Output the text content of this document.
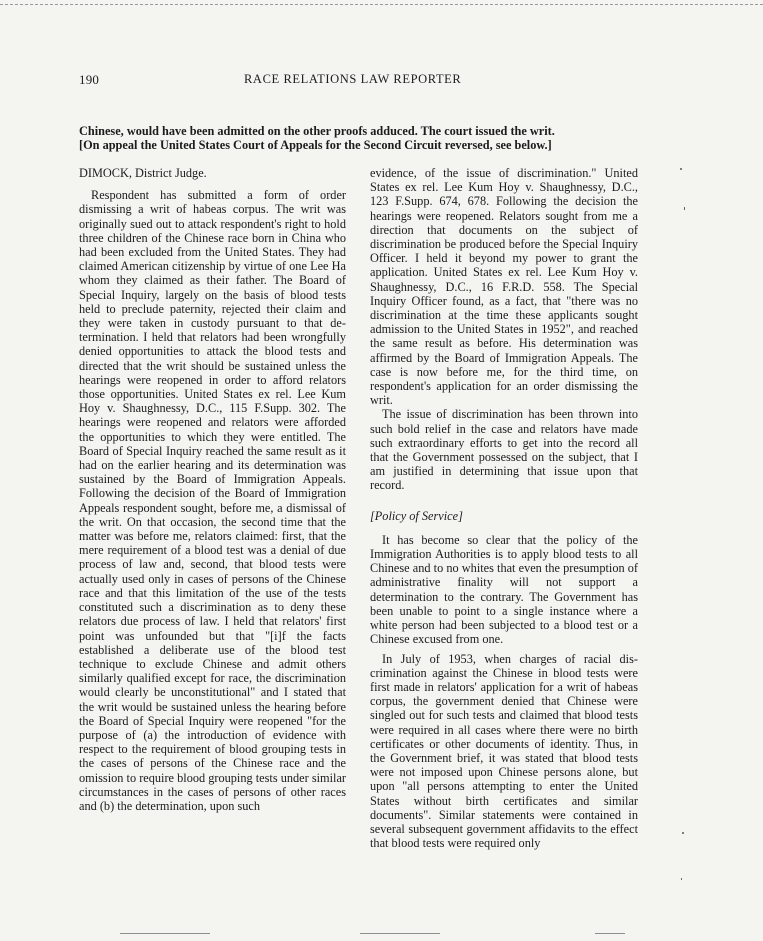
190	RACE RELATIONS LAW REPORTER

Chinese, would have been admitted on the other proofs adduced. The court issued the writ.

[On appeal the United States Court of Appeals for the Second Circuit reversed, see below.]

DIMOCK, District Judge.

Respondent has submitted a form of order dismissing a writ of habeas corpus. The writ was originally sued out to attack respondent's right to hold three children of the Chinese race born in China who had been excluded from the United States. They had claimed American citizenship by virtue of one Lee Ha whom they claimed as their father. The Board of Special Inquiry, largely on the basis of blood tests held to preclude paternity, rejected their claim and they were taken in custody pursuant to that determination. I held that relators had been wrongfully denied opportunities to attack the blood tests and directed that the writ should be sustained unless the hearings were reopened in order to afford relators those opportunities. United States ex rel. Lee Kum Hoy v. Shaughnessy, D.C., 115 F.Supp. 302. The hearings were reopened and relators were afforded the opportunities to which they were entitled. The Board of Special Inquiry reached the same result as it had on the earlier hearing and its determination was sustained by the Board of Immigration Appeals. Following the decision of the Board of Immigration Appeals respondent sought, before me, a dismissal of the writ. On that occasion, the second time that the matter was before me, relators claimed: first, that the mere requirement of a blood test was a denial of due process of law and, second, that blood tests were actually used only in cases of persons of the Chinese race and that this limitation of the use of the tests constituted such a discrimination as to deny these relators due process of law. I held that relators' first point was unfounded but that "[i]f the facts established a deliberate use of the blood test technique to exclude Chinese and admit others similarly qualified except for race, the discrimination would clearly be unconstitutional" and I stated that the writ would be sustained unless the hearing before the Board of Special Inquiry were reopened "for the purpose of (a) the introduction of evidence with respect to the requirement of blood grouping tests in the cases of persons of the Chinese race and the omission to require blood grouping tests under similar circumstances in the cases of persons of other races and (b) the determination, upon such

evidence, of the issue of discrimination." United States ex rel. Lee Kum Hoy v. Shaughnessy, D.C., 123 F.Supp. 674, 678. Following the decision the hearings were reopened. Relators sought from me a direction that documents on the subject of discrimination be produced before the Special Inquiry Officer. I held it beyond my power to grant the application. United States ex rel. Lee Kum Hoy v. Shaughnessy, D.C., 16 F.R.D. 558. The Special Inquiry Officer found, as a fact, that "there was no discrimination at the time these applicants sought admission to the United States in 1952", and reached the same result as before. His determination was affirmed by the Board of Immigration Appeals. The case is now before me, for the third time, on respondent's application for an order dismissing the writ.

The issue of discrimination has been thrown into such bold relief in the case and relators have made such extraordinary efforts to get into the record all that the Government possessed on the subject, that I am justified in determining that issue upon that record.

[Policy of Service]

It has become so clear that the policy of the Immigration Authorities is to apply blood tests to all Chinese and to no whites that even the presumption of administrative finality will not support a determination to the contrary. The Government has been unable to point to a single instance where a white person had been subjected to a blood test or a Chinese excused from one.

In July of 1953, when charges of racial discrimination against the Chinese in blood tests were first made in relators' application for a writ of habeas corpus, the government denied that Chinese were singled out for such tests and claimed that blood tests were required in all cases where there were no birth certificates or other documents of identity. Thus, in the Government brief, it was stated that blood tests were not imposed upon Chinese persons alone, but upon "all persons attempting to enter the United States without birth certificates and similar documents". Similar statements were contained in several subsequent government affidavits to the effect that blood tests were required only
